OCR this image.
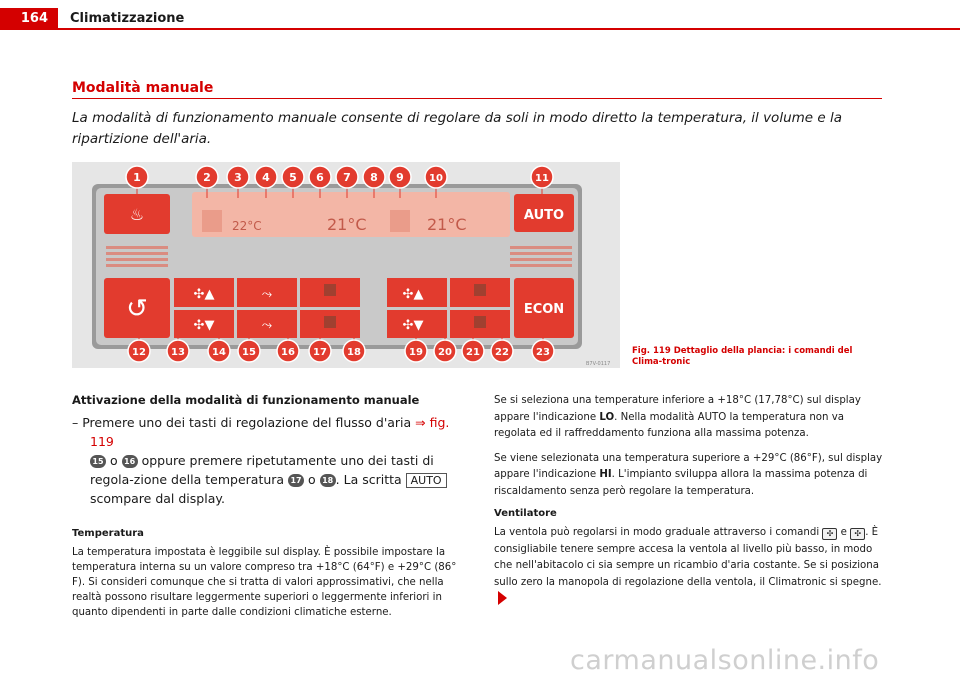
164	Climatizzazione
Modalità manuale
La modalità di funzionamento manuale consente di regolare da soli in modo diretto la temperatura, il volume e la ripartizione dell'aria.
♨
22°C	21°C	21°C	AUTO
↺	✣▲
✣▼
⤳
⤳
✣▲
✣▼
ECON
1	2 3 4 5 6 7 8 9	10	11
12	13	14 15	16 17 18	19 20 21 22	23
B7V-0117
Fig. 119 Dettaglio della plancia: i comandi del Clima-tronic
Attivazione della modalità di funzionamento manuale
– Premere uno dei tasti di regolazione del flusso d'aria ⇒ fig. 119
15 o 16 oppure premere ripetutamente uno dei tasti di regola-zione della temperatura 17 o 18 . La scritta AUTO scompare dal display.
Temperatura
La temperatura impostata è leggibile sul display. È possibile impostare la temperatura interna su un valore compreso tra +18°C (64°F) e +29°C (86° F). Si consideri comunque che si tratta di valori approssimativi, che nella realtà possono risultare leggermente superiori o leggermente inferiori in quanto dipendenti in parte dalle condizioni climatiche esterne.
Se si seleziona una temperature inferiore a +18°C (17,78°C) sul display appare l'indicazione LO. Nella modalità AUTO la temperatura non va regolata ed il raffreddamento funziona alla massima potenza.
Se viene selezionata una temperatura superiore a +29°C (86°F), sul display appare l'indicazione HI. L'impianto sviluppa allora la massima potenza di riscaldamento senza però regolare la temperatura.
Ventilatore
La ventola può regolarsi in modo graduale attraverso i comandi ✣ e ✣ . È consigliabile tenere sempre accesa la ventola al livello più basso, in modo che nell'abitacolo ci sia sempre un ricambio d'aria costante. Se si posiziona sullo zero la manopola di regolazione della ventola, il Climatronic si spegne.
carmanualsonline.info
